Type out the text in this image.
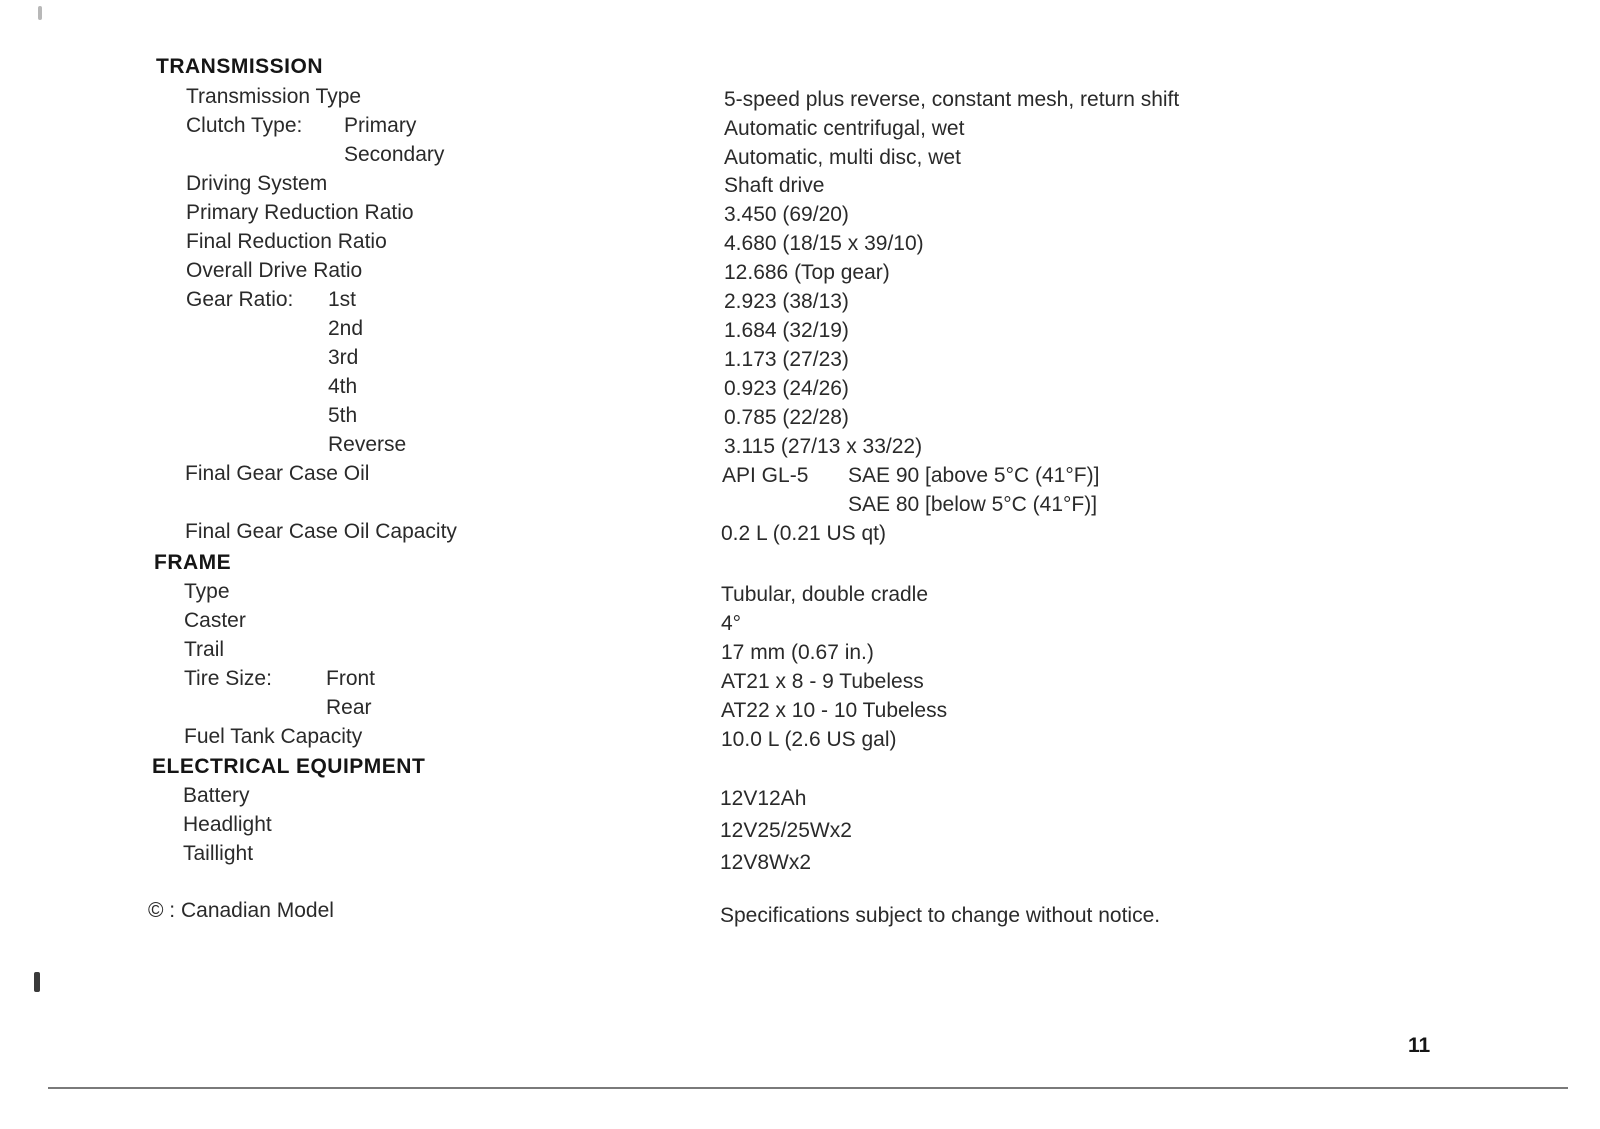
TRANSMISSION
Transmission Type	5-speed plus reverse, constant mesh, return shift
Clutch Type: Primary	Automatic centrifugal, wet
Secondary	Automatic, multi disc, wet
Driving System	Shaft drive
Primary Reduction Ratio	3.450 (69/20)
Final Reduction Ratio	4.680 (18/15 x 39/10)
Overall Drive Ratio	12.686 (Top gear)
Gear Ratio: 1st	2.923 (38/13)
2nd	1.684 (32/19)
3rd	1.173 (27/23)
4th	0.923 (24/26)
5th	0.785 (22/28)
Reverse	3.115 (27/13 x 33/22)
Final Gear Case Oil	API GL-5 SAE 90 [above 5°C (41°F)]
SAE 80 [below 5°C (41°F)]
Final Gear Case Oil Capacity	0.2 L (0.21 US qt)
FRAME
Type	Tubular, double cradle
Caster	4°
Trail	17 mm (0.67 in.)
Tire Size:	Front	AT21 x 8 - 9 Tubeless
Rear	AT22 x 10 - 10 Tubeless
Fuel Tank Capacity	10.0 L (2.6 US gal)
ELECTRICAL EQUIPMENT
Battery	12V12Ah
Headlight	12V25/25Wx2
Taillight	12V8Wx2
© : Canadian Model	Specifications subject to change without notice.
11
